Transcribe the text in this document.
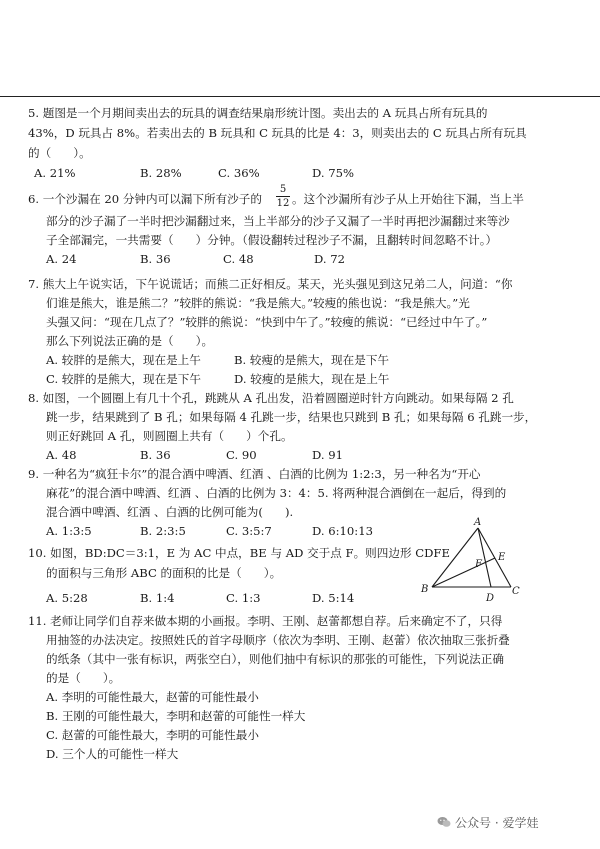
5. 题图是一个月期间卖出去的玩具的调查结果扇形统计图。卖出去的 A 玩具占所有玩具的
43%，D 玩具占 8%。若卖出去的 B 玩具和 C 玩具的比是 4：3，则卖出去的 C 玩具占所有玩具
的（      ）。
A. 21%	B. 28%	C. 36%	D. 75%
6. 一个沙漏在 20 分钟内可以漏下所有沙子的
5
12 。这个沙漏所有沙子从上开始往下漏，当上半
部分的沙子漏了一半时把沙漏翻过来，当上半部分的沙子又漏了一半时再把沙漏翻过来等沙
子全部漏完，一共需要（      ）分钟。（假设翻转过程沙子不漏，且翻转时间忽略不计。）
A. 24	B. 36	C. 48	D. 72
7. 熊大上午说实话，下午说谎话；而熊二正好相反。某天，光头强见到这兄弟二人，问道：“你
们谁是熊大，谁是熊二？”较胖的熊说：“我是熊大。”较瘦的熊也说：“我是熊大。”光
头强又问：“现在几点了？”较胖的熊说：“快到中午了。”较瘦的熊说：“已经过中午了。”
那么下列说法正确的是（      ）。
A. 较胖的是熊大，现在是上午	B. 较瘦的是熊大，现在是下午
C. 较胖的是熊大，现在是下午	D. 较瘦的是熊大，现在是上午
8. 如图，一个圆圈上有几十个孔，跳跳从 A 孔出发，沿着圆圈逆时针方向跳动。如果每隔 2 孔
跳一步，结果跳到了 B 孔；如果每隔 4 孔跳一步，结果也只跳到 B 孔；如果每隔 6 孔跳一步，
则正好跳回 A 孔，则圆圈上共有（      ）个孔。
A. 48	B. 36	C. 90	D. 91
9. 一种名为“疯狂卡尔”的混合酒中啤酒、红酒 、白酒的比例为 1:2:3，另一种名为“开心
麻花”的混合酒中啤酒、红酒 、白酒的比例为 3：4：5. 将两种混合酒倒在一起后，得到的
混合酒中啤酒、红酒 、白酒的比例可能为(      ).
A. 1:3:5	B. 2:3:5	C. 3:5:7	D. 6:10:13
10. 如图，BD:DC＝3:1，E 为 AC 中点，BE 与 AD 交于点 F。则四边形 CDFE
的面积与三角形 ABC 的面积的比是（      ）。
A. 5:28	B. 1:4	C. 1:3	D. 5:14
A
E
F
B
D
C
11. 老师让同学们自荐来做本期的小画报。李明、王刚、赵蕾都想自荐。后来确定不了，只得
用抽签的办法决定。按照姓氏的首字母顺序（依次为李明、王刚、赵蕾）依次抽取三张折叠
的纸条（其中一张有标识，两张空白），则他们抽中有标识的那张的可能性，下列说法正确
的是（      ）。
A. 李明的可能性最大，赵蕾的可能性最小
B. 王刚的可能性最大，李明和赵蕾的可能性一样大
C. 赵蕾的可能性最大，李明的可能性最小
D. 三个人的可能性一样大
公众号 · 爱学娃
